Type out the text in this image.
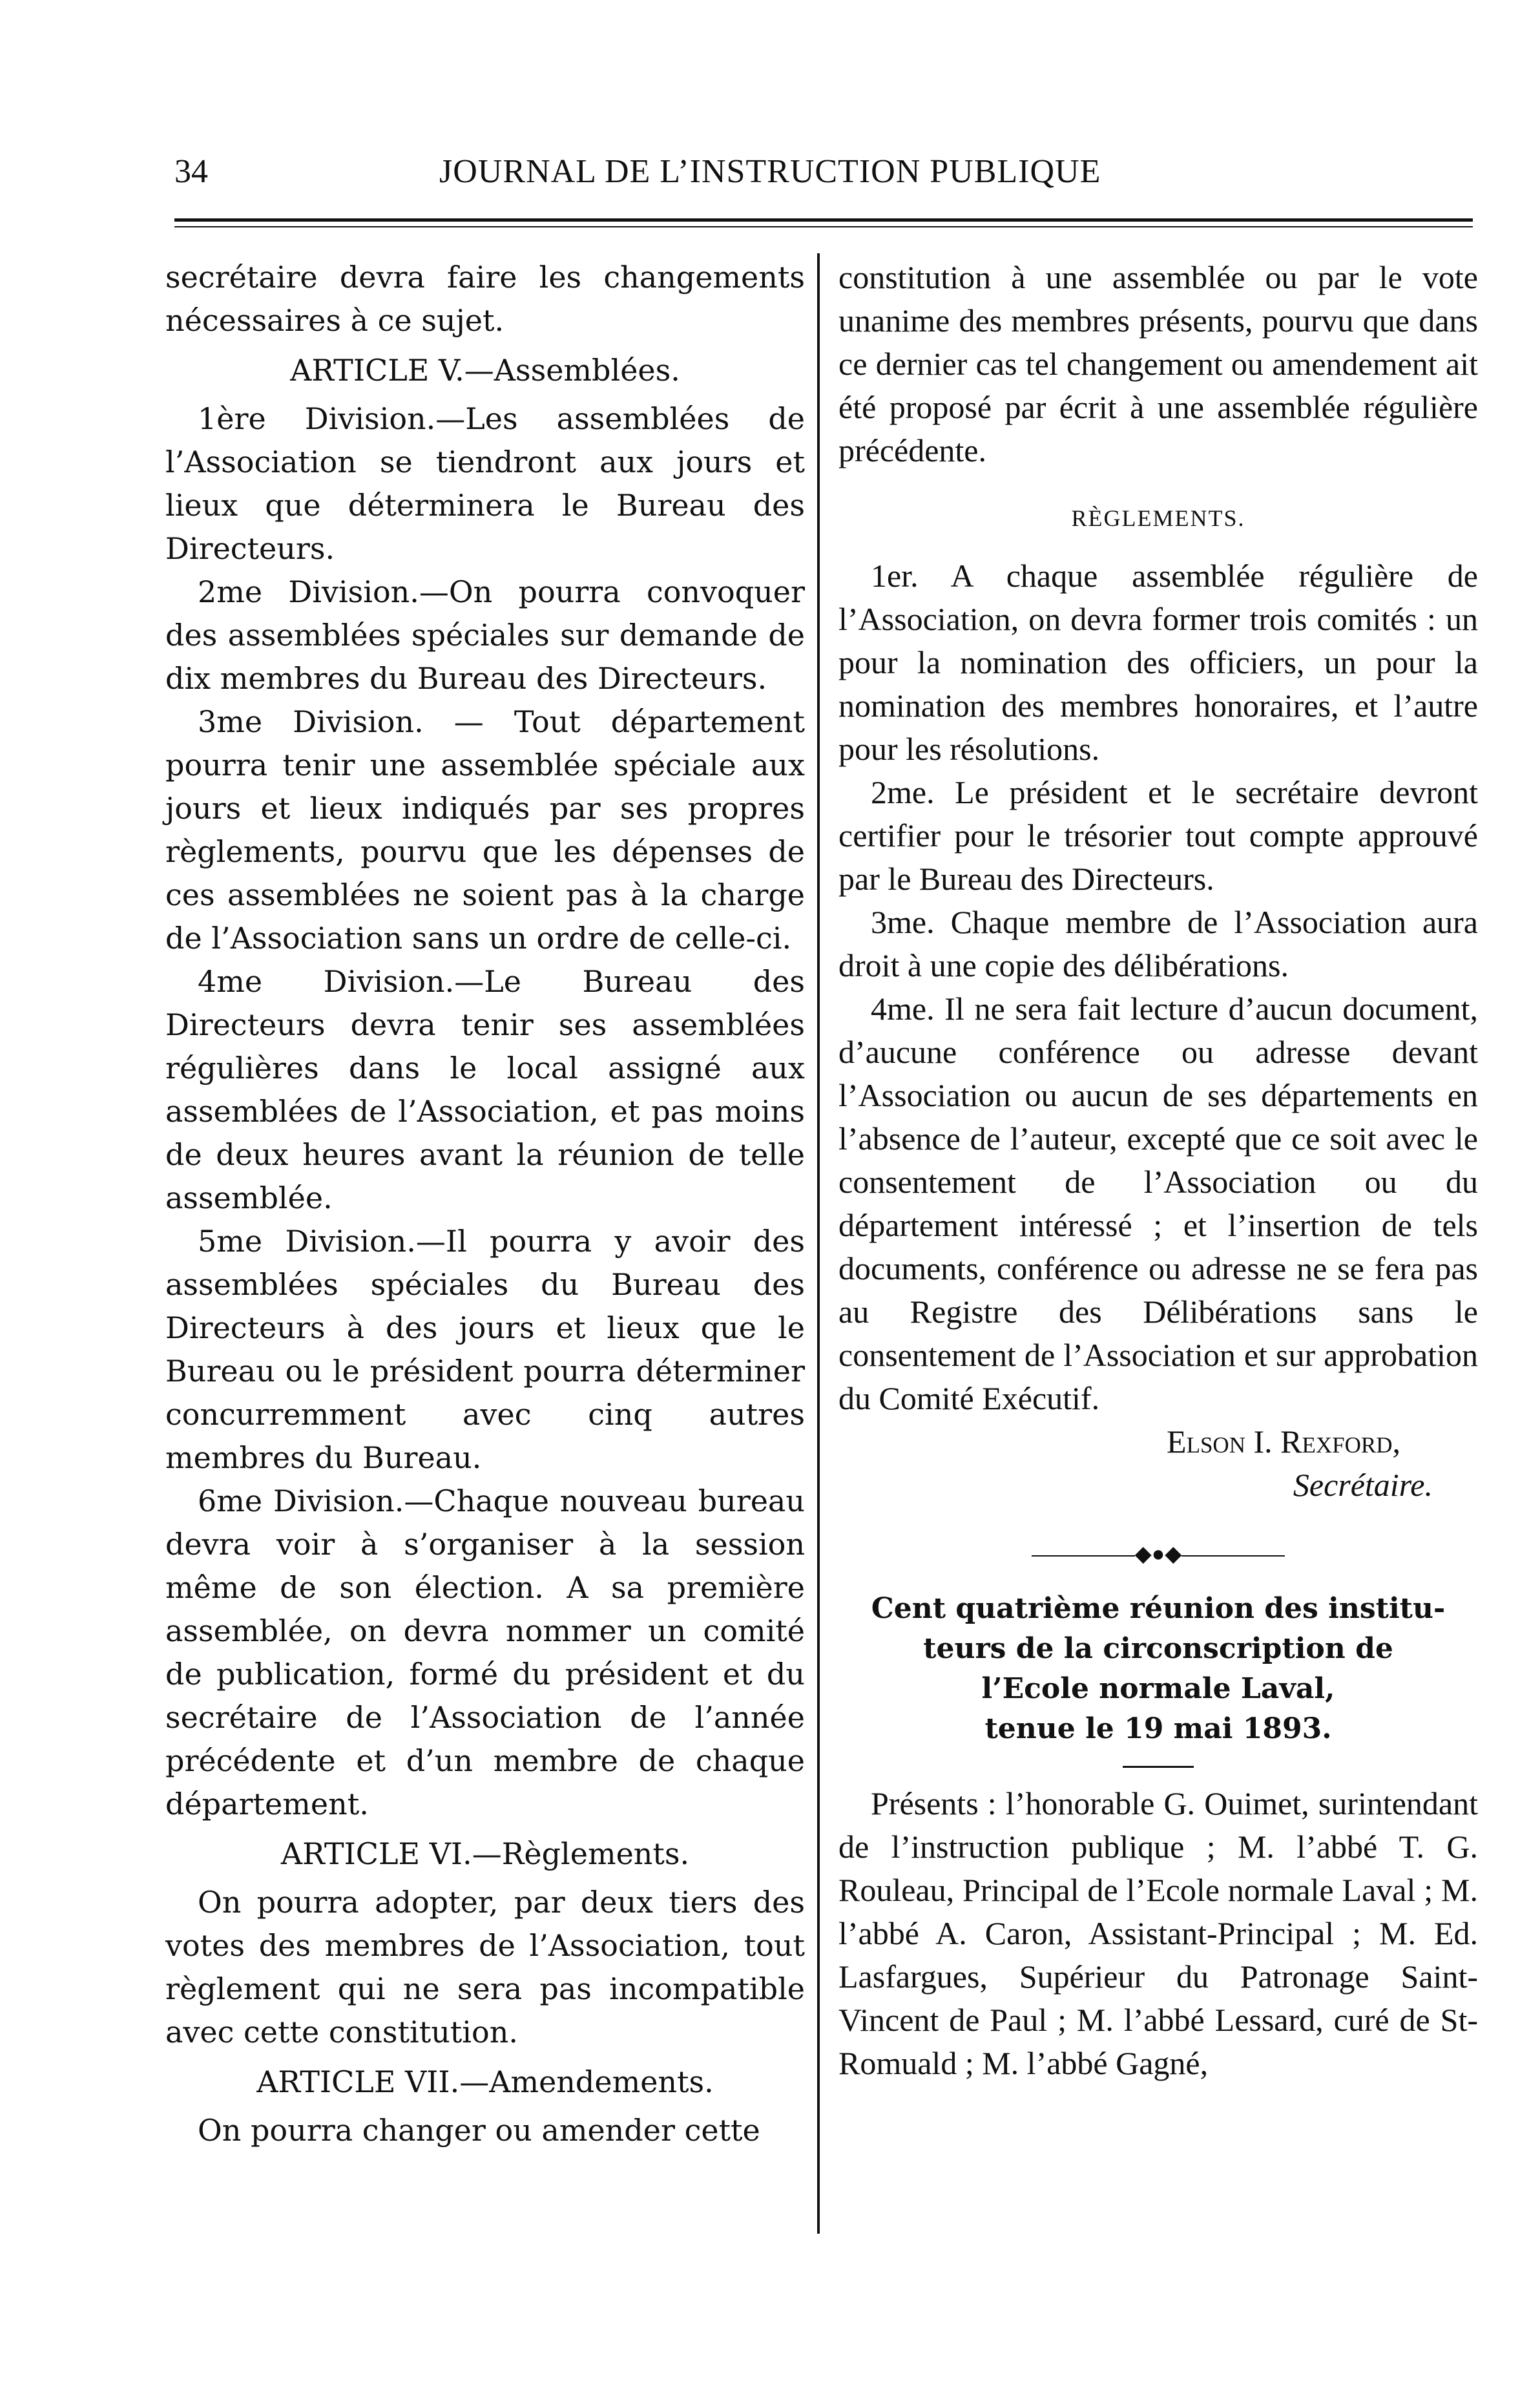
34	JOURNAL DE L’INSTRUCTION PUBLIQUE

secrétaire devra faire les changements nécessaires à ce sujet.

ARTICLE V.—Assemblées.

1ère Division.—Les assemblées de l’Association se tiendront aux jours et lieux que déterminera le Bureau des Directeurs.

2me Division.—On pourra convoquer des assemblées spéciales sur demande de dix membres du Bureau des Directeurs.

3me Division. — Tout département pourra tenir une assemblée spéciale aux jours et lieux indiqués par ses propres règlements, pourvu que les dépenses de ces assemblées ne soient pas à la charge de l’Association sans un ordre de celle-ci.

4me Division.—Le Bureau des Directeurs devra tenir ses assemblées régulières dans le local assigné aux assemblées de l’Association, et pas moins de deux heures avant la réunion de telle assemblée.

5me Division.—Il pourra y avoir des assemblées spéciales du Bureau des Directeurs à des jours et lieux que le Bureau ou le président pourra déterminer concurremment avec cinq autres membres du Bureau.

6me Division.—Chaque nouveau bureau devra voir à s’organiser à la session même de son élection. A sa première assemblée, on devra nommer un comité de publication, formé du président et du secrétaire de l’Association de l’année précédente et d’un membre de chaque département.

ARTICLE VI.—Règlements.

On pourra adopter, par deux tiers des votes des membres de l’Association, tout règlement qui ne sera pas incompatible avec cette constitution.

ARTICLE VII.—Amendements.

On pourra changer ou amender cette

constitution à une assemblée ou par le vote unanime des membres présents, pourvu que dans ce dernier cas tel changement ou amendement ait été proposé par écrit à une assemblée régulière précédente.

RÈGLEMENTS.

1er. A chaque assemblée régulière de l’Association, on devra former trois comités : un pour la nomination des officiers, un pour la nomination des membres honoraires, et l’autre pour les résolutions.

2me. Le président et le secrétaire devront certifier pour le trésorier tout compte approuvé par le Bureau des Directeurs.

3me. Chaque membre de l’Association aura droit à une copie des délibérations.

4me. Il ne sera fait lecture d’aucun document, d’aucune conférence ou adresse devant l’Association ou aucun de ses départements en l’absence de l’auteur, excepté que ce soit avec le consentement de l’Association ou du département intéressé ; et l’insertion de tels documents, conférence ou adresse ne se fera pas au Registre des Délibérations sans le consentement de l’Association et sur approbation du Comité Exécutif.

Elson I. Rexford,

Secrétaire.

◆●◆

Cent quatrième réunion des institu-

teurs de la circonscription de

l’Ecole normale Laval,

tenue le 19 mai 1893.

Présents : l’honorable G. Ouimet, surintendant de l’instruction publique ; M. l’abbé T. G. Rouleau, Principal de l’Ecole normale Laval ; M. l’abbé A. Caron, Assistant-Principal ; M. Ed. Lasfargues, Supérieur du Patronage Saint-Vincent de Paul ; M. l’abbé Lessard, curé de St-Romuald ; M. l’abbé Gagné,
